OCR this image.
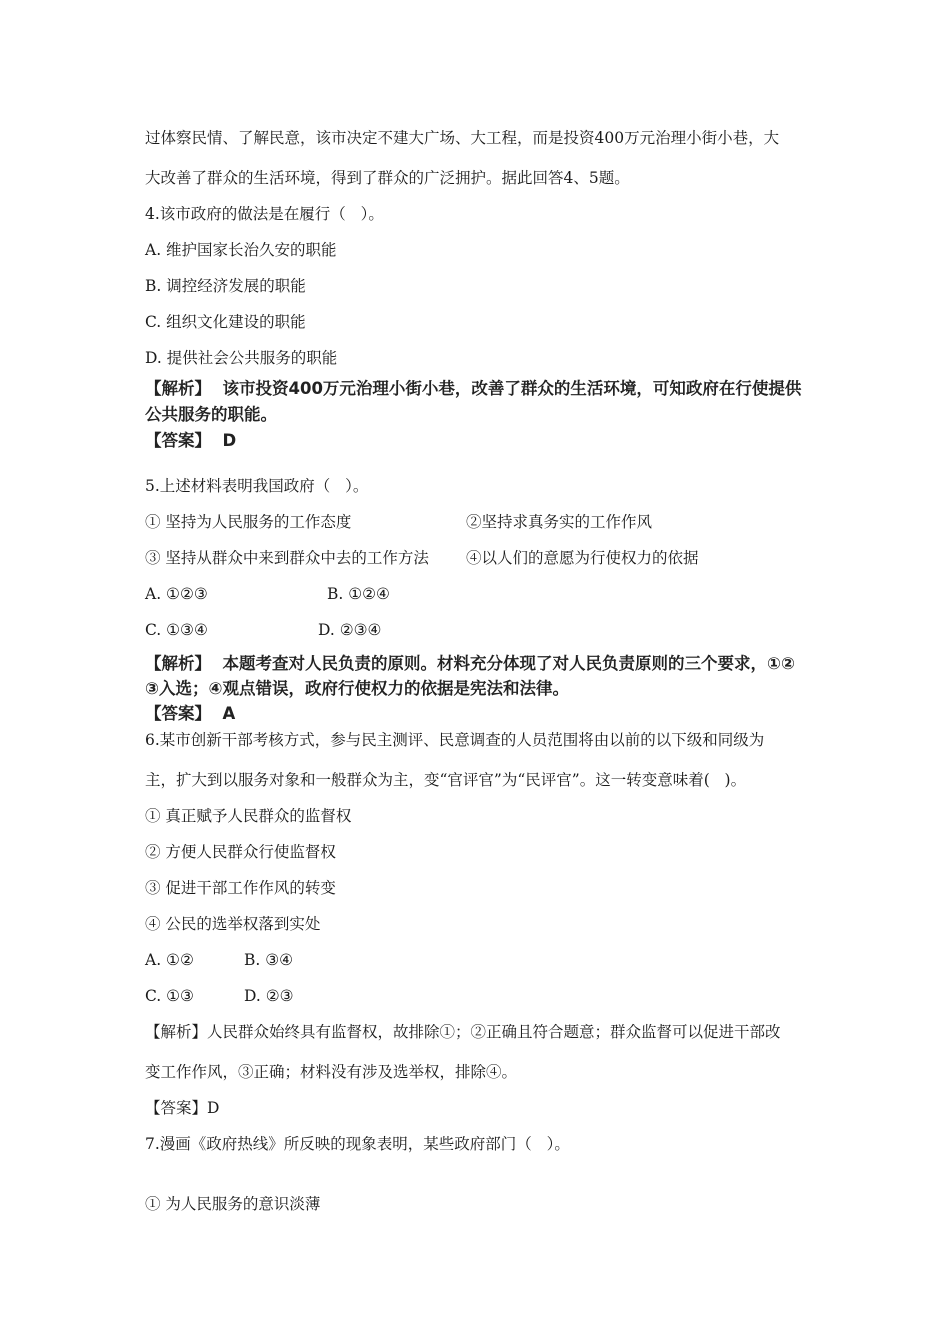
过体察民情、了解民意，该市决定不建大广场、大工程，而是投资400万元治理小街小巷，大
大改善了群众的生活环境，得到了群众的广泛拥护。据此回答4、5题。
4.该市政府的做法是在履行（   ）。
A. 维护国家长治久安的职能
B. 调控经济发展的职能
C. 组织文化建设的职能
D. 提供社会公共服务的职能
【解析】  该市投资400万元治理小街小巷，改善了群众的生活环境，可知政府在行使提供
公共服务的职能。
【答案】  D
5.上述材料表明我国政府（   ）。
① 坚持为人民服务的工作态度	②坚持求真务实的工作作风
③ 坚持从群众中来到群众中去的工作方法 ④以人们的意愿为行使权力的依据
A. ①②③	B. ①②④
C. ①③④	D. ②③④
【解析】  本题考查对人民负责的原则。材料充分体现了对人民负责原则的三个要求，①②
③入选；④观点错误，政府行使权力的依据是宪法和法律。
【答案】  A
6.某市创新干部考核方式，参与民主测评、民意调查的人员范围将由以前的以下级和同级为
主，扩大到以服务对象和一般群众为主，变“官评官”为“民评官”。这一转变意味着(   )。
① 真正赋予人民群众的监督权
② 方便人民群众行使监督权
③ 促进干部工作作风的转变
④ 公民的选举权落到实处
A. ①②	B. ③④
C. ①③	D. ②③
【解析】人民群众始终具有监督权，故排除①；②正确且符合题意；群众监督可以促进干部改
变工作作风，③正确；材料没有涉及选举权，排除④。
【答案】D
7.漫画《政府热线》所反映的现象表明，某些政府部门（   ）。
① 为人民服务的意识淡薄
